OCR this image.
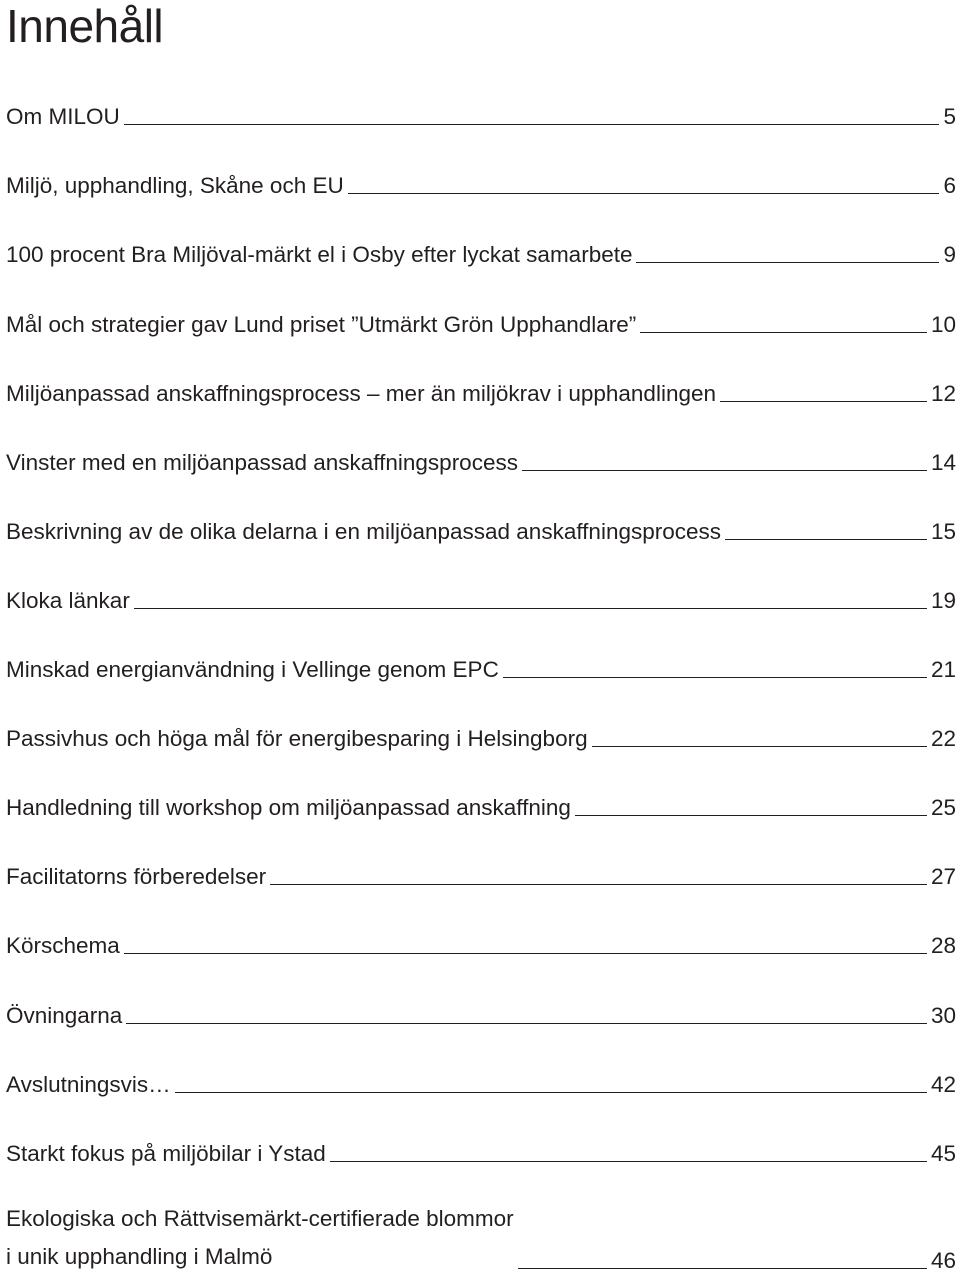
Innehåll
Om MILOU	5
Miljö, upphandling, Skåne och EU	6
100 procent Bra Miljöval-märkt el i Osby efter lyckat samarbete	9
Mål och strategier gav Lund priset ”Utmärkt Grön Upphandlare”	10
Miljöanpassad anskaffningsprocess – mer än miljökrav i upphandlingen	12
Vinster med en miljöanpassad anskaffningsprocess	14
Beskrivning av de olika delarna i en miljöanpassad anskaffningsprocess	15
Kloka länkar	19
Minskad energianvändning i Vellinge genom EPC	21
Passivhus och höga mål för energibesparing i Helsingborg	22
Handledning till workshop om miljöanpassad anskaffning	25
Facilitatorns förberedelser	27
Körschema	28
Övningarna	30
Avslutningsvis…	42
Starkt fokus på miljöbilar i Ystad	45
Ekologiska och Rättvisemärkt-certifierade blommor
i unik upphandling i Malmö	46
